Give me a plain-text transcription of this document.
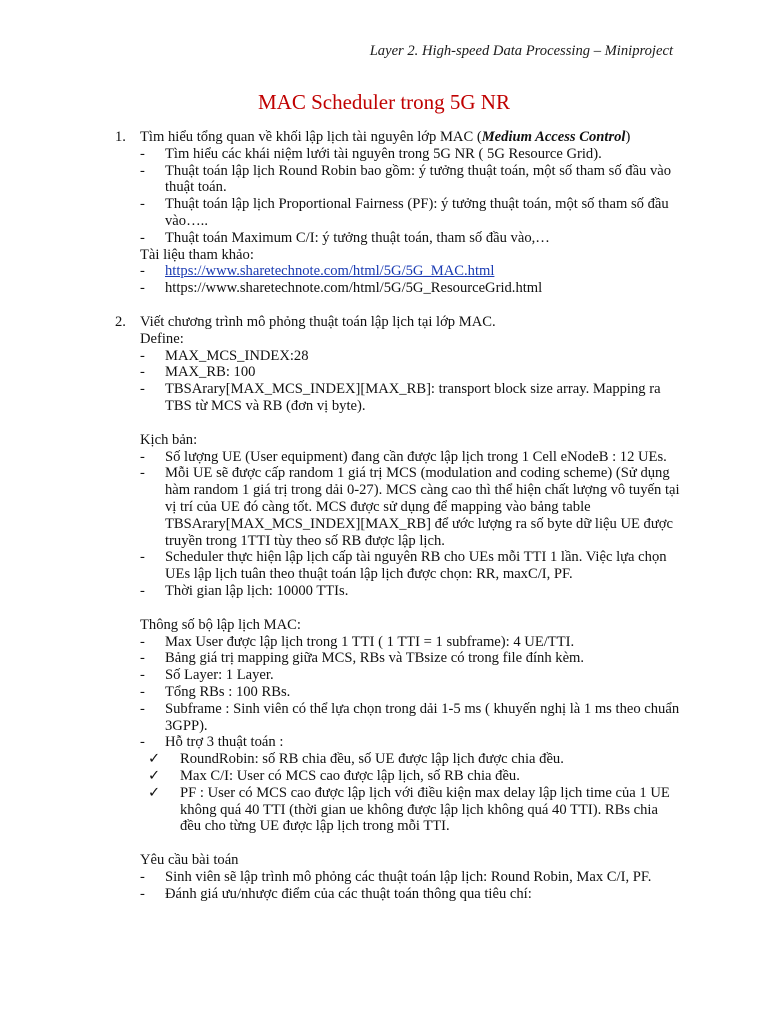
Layer 2. High-speed Data Processing – Miniproject
MAC Scheduler trong 5G NR
1. Tìm hiểu tổng quan về khối lập lịch tài nguyên lớp MAC (Medium Access Control)

-	Tìm hiểu các khái niệm lưới tài nguyên trong 5G NR ( 5G Resource Grid).
-	Thuật toán lập lịch Round Robin bao gồm: ý tưởng thuật toán, một số tham số đầu vào thuật toán.
-	Thuật toán lập lịch Proportional Fairness (PF): ý tưởng thuật toán, một số tham số đầu vào…..
-	Thuật toán Maximum C/I: ý tưởng thuật toán, tham số đầu vào,…

Tài liệu tham khảo:

-	https://www.sharetechnote.com/html/5G/5G_MAC.html
-	https://www.sharetechnote.com/html/5G/5G_ResourceGrid.html
2. Viết chương trình mô phỏng thuật toán lập lịch tại lớp MAC.

Define:

-	MAX_MCS_INDEX:28
-	MAX_RB: 100
-	TBSArary[MAX_MCS_INDEX][MAX_RB]: transport block size array. Mapping ra TBS từ MCS và RB (đơn vị byte).

Kịch bản:

-	Số lượng UE (User equipment) đang cần được lập lịch trong 1 Cell eNodeB : 12 UEs.
-	Mỗi UE sẽ được cấp random 1 giá trị MCS (modulation and coding scheme) (Sử dụng hàm random 1 giá trị trong dải 0-27). MCS càng cao thì thể hiện chất lượng vô tuyến tại vị trí của UE đó càng tốt. MCS được sử dụng để mapping vào bảng table TBSArary[MAX_MCS_INDEX][MAX_RB] để ước lượng ra số byte dữ liệu UE được truyền trong 1TTI tùy theo số RB được lập lịch.
-	Scheduler thực hiện lập lịch cấp tài nguyên RB cho UEs mỗi TTI 1 lần. Việc lựa chọn UEs lập lịch tuân theo thuật toán lập lịch được chọn: RR, maxC/I, PF.
-	Thời gian lập lịch: 10000 TTIs.

Thông số bộ lập lịch MAC:

-	Max User được lập lịch trong 1 TTI ( 1 TTI = 1 subframe): 4 UE/TTI.
-	Bảng giá trị mapping giữa MCS, RBs và TBsize có trong file đính kèm.
-	Số Layer: 1 Layer.
-	Tổng RBs : 100 RBs.
-	Subframe : Sinh viên có thể lựa chọn trong dải 1-5 ms ( khuyến nghị là 1 ms theo chuẩn 3GPP).
-	Hỗ trợ 3 thuật toán :
✓	RoundRobin: số RB chia đều, số UE được lập lịch được chia đều.
✓	Max C/I: User có MCS cao được lập lịch, số RB chia đều.
✓	PF : User có MCS cao được lập lịch với điều kiện max delay lập lịch time của 1 UE không quá 40 TTI (thời gian ue không được lập lịch không quá 40 TTI). RBs chia đều cho từng UE được lập lịch trong mỗi TTI.

Yêu cầu bài toán

-	Sinh viên sẽ lập trình mô phỏng các thuật toán lập lịch: Round Robin, Max C/I, PF.
-	Đánh giá ưu/nhược điểm của các thuật toán thông qua tiêu chí:
